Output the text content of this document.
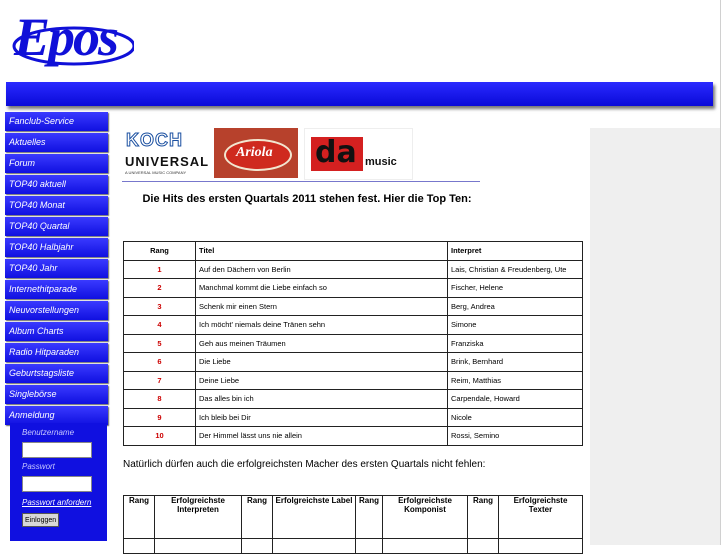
Epos
Fanclub-Service
Aktuelles
Forum
TOP40 aktuell
TOP40 Monat
TOP40 Quartal
TOP40 Halbjahr
TOP40 Jahr
Internethitparade
Neuvorstellungen
Album Charts
Radio Hitparaden
Geburtstagsliste
Singlebörse
Anmeldung
Benutzername
Passwort
Passwort anfordern
Einloggen
KOCH
UNIVERSAL
A UNIVERSAL MUSIC COMPANY
Ariola da music
Die Hits des ersten Quartals 2011 stehen fest. Hier die Top Ten:
Rang	Titel	Interpret
1	Auf den Dächern von Berlin	Lais, Christian & Freudenberg, Ute
2	Manchmal kommt die Liebe einfach so	Fischer, Helene
3	Schenk mir einen Stern	Berg, Andrea
4	Ich möcht' niemals deine Tränen sehn	Simone
5	Geh aus meinen Träumen	Franziska
6	Die Liebe	Brink, Bernhard
7	Deine Liebe	Reim, Matthias
8	Das alles bin ich	Carpendale, Howard
9	Ich bleib bei Dir	Nicole
10	Der Himmel lässt uns nie allein	Rossi, Semino
Natürlich dürfen auch die erfolgreichsten Macher des ersten Quartals nicht fehlen:
Rang	Erfolgreichste Interpreten	Rang	Erfolgreichste Label	Rang	Erfolgreichste Komponist	Rang	Erfolgreichste Texter
